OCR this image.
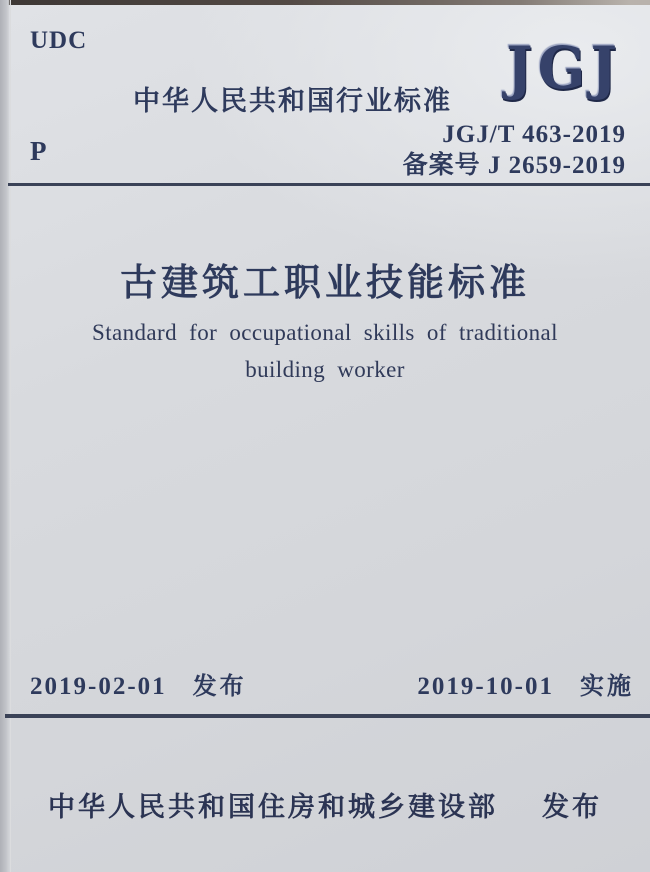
UDC
中华人民共和国行业标准 JGJ
JGJ/T 463-2019
备案号 J 2659-2019
P
古建筑工职业技能标准
Standard for occupational skills of traditional
building worker
2019-02-01 发布	2019-10-01 实施
中华人民共和国住房和城乡建设部 发布
